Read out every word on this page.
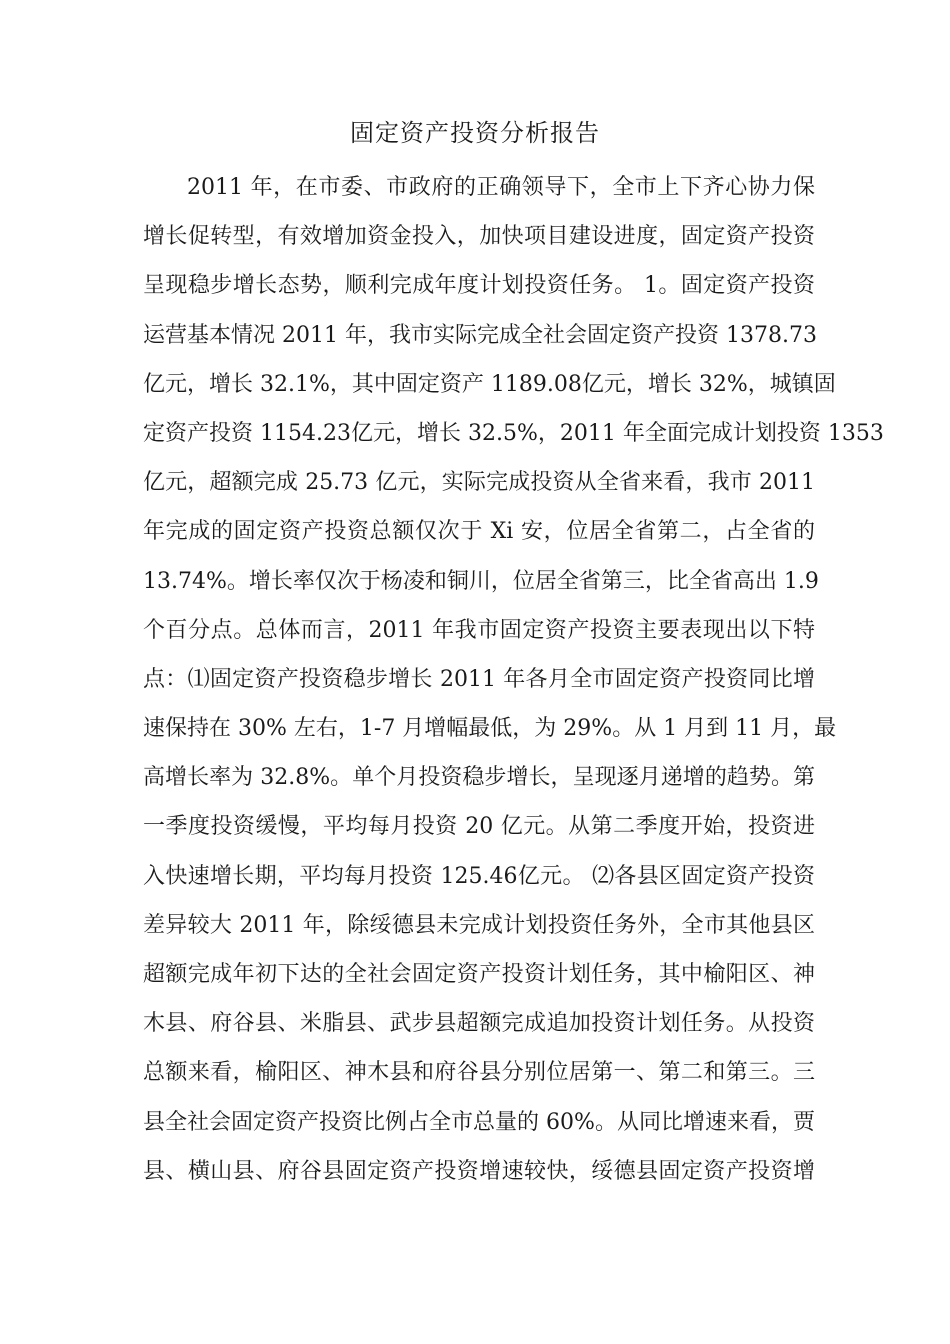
固定资产投资分析报告
2011 年，在市委、市政府的正确领导下，全市上下齐心协力保
增长促转型，有效增加资金投入，加快项目建设进度，固定资产投资
呈现稳步增长态势，顺利完成年度计划投资任务。 1。固定资产投资
运营基本情况 2011 年，我市实际完成全社会固定资产投资 1378.73
亿元，增长 32.1%，其中固定资产 1189.08亿元，增长 32%，城镇固
定资产投资 1154.23亿元，增长 32.5%，2011 年全面完成计划投资 1353
亿元，超额完成 25.73 亿元，实际完成投资从全省来看，我市 2011
年完成的固定资产投资总额仅次于 Xi 安，位居全省第二，占全省的
13.74%。增长率仅次于杨凌和铜川，位居全省第三，比全省高出 1.9
个百分点。总体而言，2011 年我市固定资产投资主要表现出以下特
点：⑴固定资产投资稳步增长 2011 年各月全市固定资产投资同比增
速保持在 30% 左右，1-7 月增幅最低，为 29%。从 1 月到 11 月，最
高增长率为 32.8%。单个月投资稳步增长，呈现逐月递增的趋势。第
一季度投资缓慢，平均每月投资 20 亿元。从第二季度开始，投资进
入快速增长期，平均每月投资 125.46亿元。 ⑵各县区固定资产投资
差异较大 2011 年，除绥德县未完成计划投资任务外，全市其他县区
超额完成年初下达的全社会固定资产投资计划任务，其中榆阳区、神
木县、府谷县、米脂县、武步县超额完成追加投资计划任务。从投资
总额来看，榆阳区、神木县和府谷县分别位居第一、第二和第三。三
县全社会固定资产投资比例占全市总量的 60%。从同比增速来看，贾
县、横山县、府谷县固定资产投资增速较快，绥德县固定资产投资增
